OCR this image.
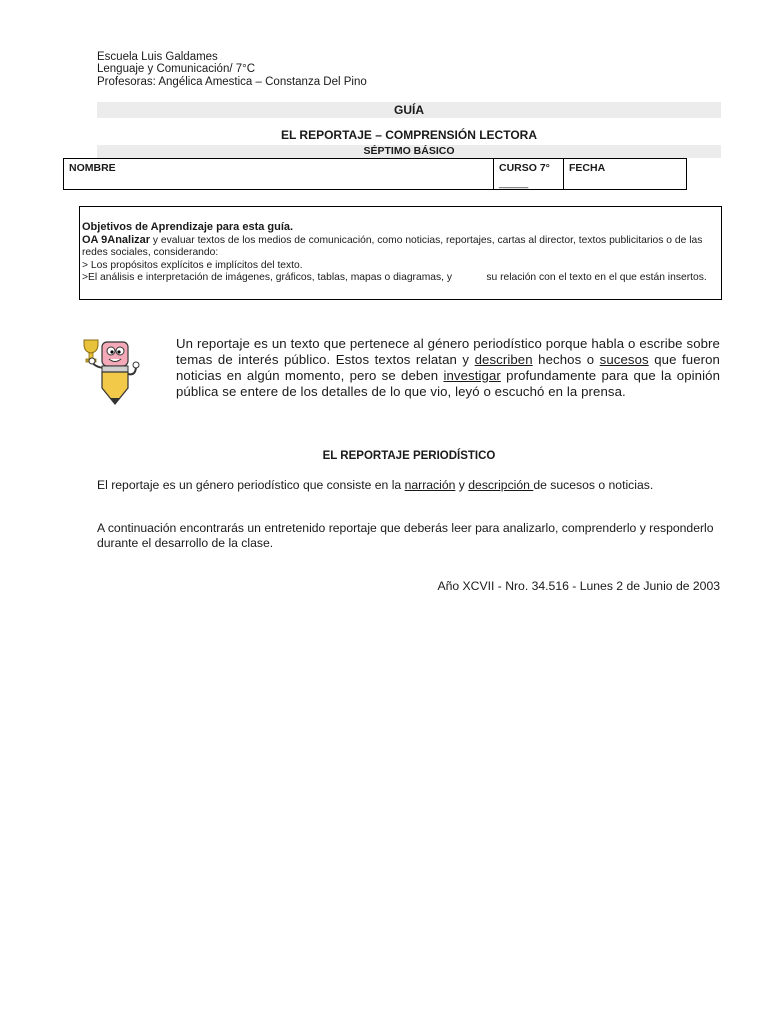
Escuela Luis Galdames
Lenguaje y Comunicación/ 7°C
Profesoras: Angélica Amestica – Constanza Del Pino
GUÍA
EL REPORTAJE – COMPRENSIÓN LECTORA
SÉPTIMO BÁSICO
NOMBRE	CURSO 7°
_____
FECHA
Objetivos de Aprendizaje para esta guía.
OA 9Analizar y evaluar textos de los medios de comunicación, como noticias, reportajes, cartas al director, textos publicitarios o de las redes sociales, considerando:
> Los propósitos explícitos e implícitos del texto.
>El análisis e interpretación de imágenes, gráficos, tablas, mapas o diagramas, y            su relación con el texto en el que están insertos.
Un reportaje es un texto que pertenece al género periodístico porque habla o escribe sobre temas de interés público. Estos textos relatan y describen hechos o sucesos que fueron noticias en algún momento, pero se deben investigar profundamente para que la opinión pública se entere de los detalles de lo que vio, leyó o escuchó en la prensa.
EL REPORTAJE PERIODÍSTICO
El reportaje es un género periodístico que consiste en la narración y descripción de sucesos o noticias.
A continuación encontrarás un entretenido reportaje que deberás leer para analizarlo, comprenderlo y responderlo durante el desarrollo de la clase.
Año XCVII - Nro. 34.516 - Lunes 2 de Junio de 2003
